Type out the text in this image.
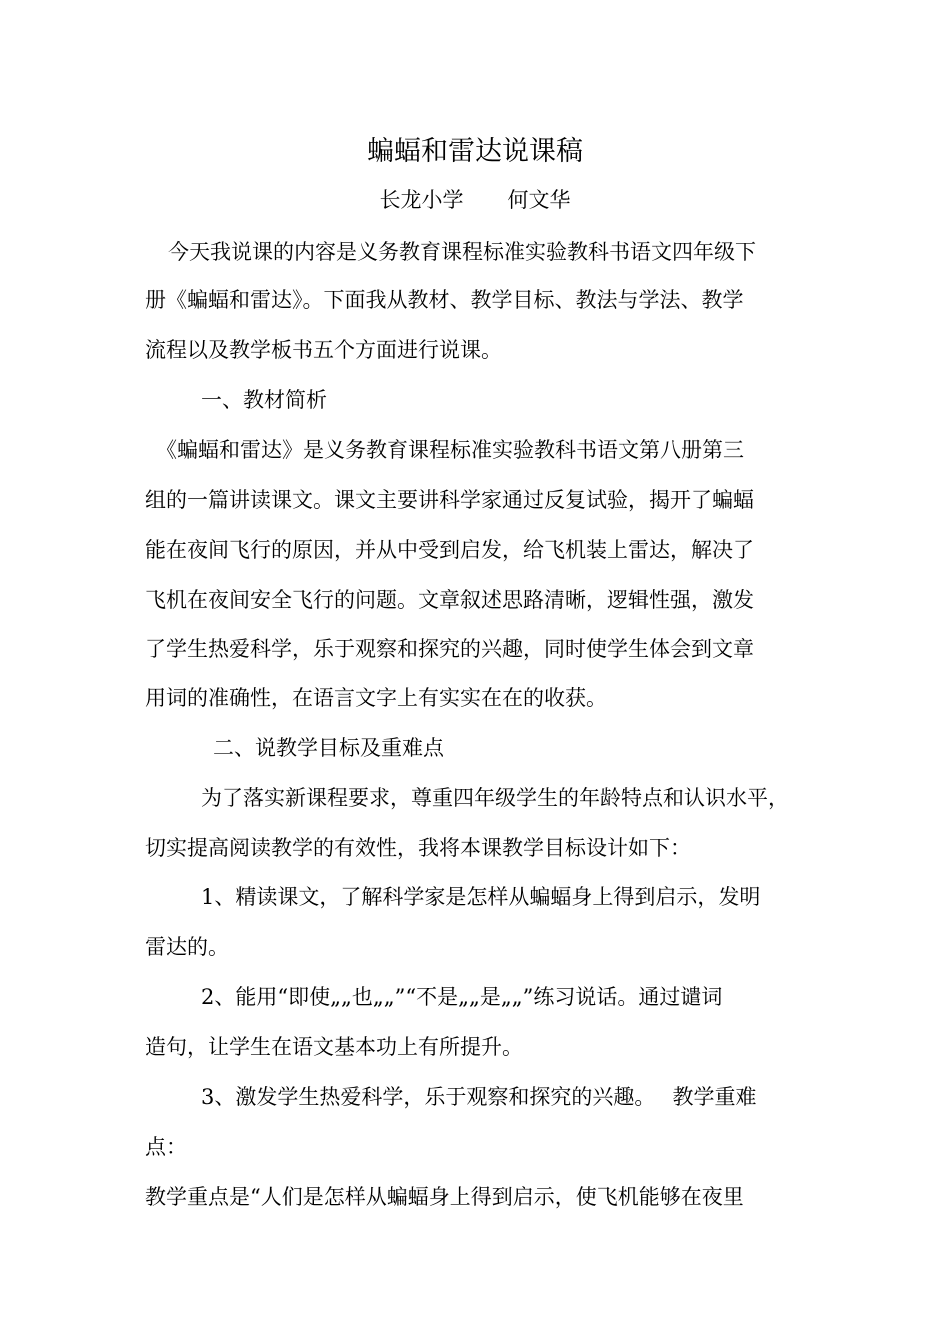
蝙蝠和雷达说课稿
长龙小学 何文华
今天我说课的内容是义务教育课程标准实验教科书语文四年级下
册《蝙蝠和雷达》。下面我从教材、教学目标、教法与学法、教学
流程以及教学板书五个方面进行说课。
一、教材简析
《蝙蝠和雷达》是义务教育课程标准实验教科书语文第八册第三
组的一篇讲读课文。课文主要讲科学家通过反复试验，揭开了蝙蝠
能在夜间飞行的原因，并从中受到启发，给飞机装上雷达，解决了
飞机在夜间安全飞行的问题。文章叙述思路清晰，逻辑性强，激发
了学生热爱科学，乐于观察和探究的兴趣，同时使学生体会到文章
用词的准确性，在语言文字上有实实在在的收获。
二、说教学目标及重难点
为了落实新课程要求，尊重四年级学生的年龄特点和认识水平，
切实提高阅读教学的有效性，我将本课教学目标设计如下：
1、精读课文，了解科学家是怎样从蝙蝠身上得到启示，发明
雷达的。
2、能用“即使„„也„„”“不是„„是„„”练习说话。通过谴词
造句，让学生在语文基本功上有所提升。
3、激发学生热爱科学，乐于观察和探究的兴趣。　 教学重难
点：
教学重点是“人们是怎样从蝙蝠身上得到启示，使飞机能够在夜里
